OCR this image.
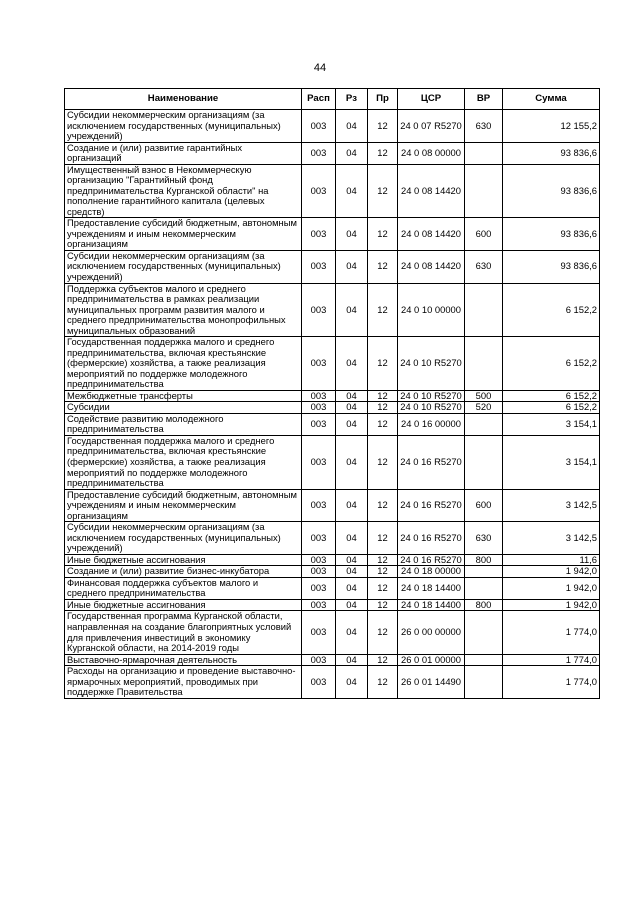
44
Наименование	Расп	Рз	Пр	ЦСР	ВР	Сумма
Субсидии некоммерческим организациям (за исключением государственных (муниципальных) учреждений)	003	04	12	24 0 07 R5270	630	12 155,2
Создание и (или) развитие гарантийных организаций	003	04	12	24 0 08 00000		93 836,6
Имущественный взнос в Некоммерческую организацию "Гарантийный фонд предпринимательства Курганской области" на пополнение гарантийного капитала (целевых средств)	003	04	12	24 0 08 14420		93 836,6
Предоставление субсидий бюджетным, автономным учреждениям и иным некоммерческим организациям	003	04	12	24 0 08 14420	600	93 836,6
Субсидии некоммерческим организациям (за исключением государственных (муниципальных) учреждений)	003	04	12	24 0 08 14420	630	93 836,6
Поддержка субъектов малого и среднего предпринимательства в рамках реализации муниципальных программ развития малого и среднего предпринимательства монопрофильных муниципальных образований	003	04	12	24 0 10 00000		6 152,2
Государственная поддержка малого и среднего предпринимательства, включая крестьянские (фермерские) хозяйства, а также реализация мероприятий по поддержке молодежного предпринимательства	003	04	12	24 0 10 R5270		6 152,2
Межбюджетные трансферты	003	04	12	24 0 10 R5270	500	6 152,2
Субсидии	003	04	12	24 0 10 R5270	520	6 152,2
Содействие развитию молодежного предпринимательства	003	04	12	24 0 16 00000		3 154,1
Государственная поддержка малого и среднего предпринимательства, включая крестьянские (фермерские) хозяйства, а также реализация мероприятий по поддержке молодежного предпринимательства	003	04	12	24 0 16 R5270		3 154,1
Предоставление субсидий бюджетным, автономным учреждениям и иным некоммерческим организациям	003	04	12	24 0 16 R5270	600	3 142,5
Субсидии некоммерческим организациям (за исключением государственных (муниципальных) учреждений)	003	04	12	24 0 16 R5270	630	3 142,5
Иные бюджетные ассигнования	003	04	12	24 0 16 R5270	800	11,6
Создание и (или) развитие бизнес-инкубатора	003	04	12	24 0 18 00000		1 942,0
Финансовая поддержка субъектов малого и среднего предпринимательства	003	04	12	24 0 18 14400		1 942,0
Иные бюджетные ассигнования	003	04	12	24 0 18 14400	800	1 942,0
Государственная программа Курганской области, направленная на создание благоприятных условий для привлечения инвестиций в экономику Курганской области, на 2014-2019 годы	003	04	12	26 0 00 00000		1 774,0
Выставочно-ярмарочная деятельность	003	04	12	26 0 01 00000		1 774,0
Расходы на организацию и проведение выставочно-ярмарочных мероприятий, проводимых при поддержке Правительства	003	04	12	26 0 01 14490		1 774,0
